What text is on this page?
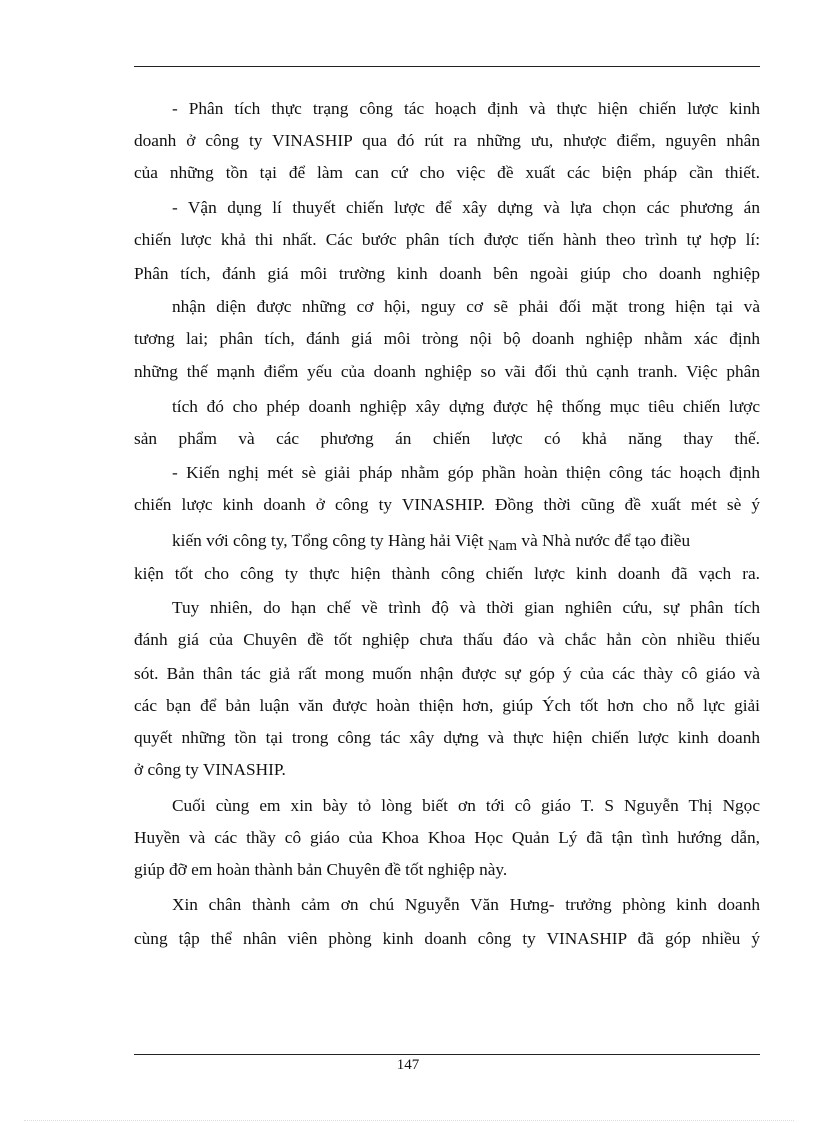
- Phân tích thực trạng công tác hoạch định và thực hiện chiến lược kinh
doanh ở công ty VINASHIP qua đó rút ra những ưu, nhược điểm, nguyên nhân
của những tồn tại để làm can cứ cho việc đề xuất các biện pháp cần thiết.
- Vận dụng lí thuyết chiến lược để xây dựng và lựa chọn các phương án
chiến lược khả thi nhất. Các bước phân tích được tiến hành theo trình tự hợp lí:
Phân tích, đánh giá môi trường kinh doanh bên ngoài giúp cho doanh nghiệp
nhận diện được những cơ hội, nguy cơ sẽ phải đối mặt trong hiện tại và
tương lai; phân tích, đánh giá môi tròng nội bộ doanh nghiệp nhằm xác định
những thế mạnh điểm yếu của doanh nghiệp so vãi đối thủ cạnh tranh. Việc phân
tích đó cho phép doanh nghiệp xây dựng được hệ thống mục tiêu chiến lược
sản phẩm và các phương án chiến lược có khả năng thay thế.
- Kiến nghị mét sè giải pháp nhằm góp phần hoàn thiện công tác hoạch định
chiến lược kinh doanh ở công ty VINASHIP. Đồng thời cũng đề xuất mét sè ý
kiến với công ty, Tổng công ty Hàng hải Việt Nam và Nhà nước để tạo điều
kiện tốt cho công ty thực hiện thành công chiến lược kinh doanh đã vạch ra.
Tuy nhiên, do hạn chế về trình độ và thời gian nghiên cứu, sự phân tích
đánh giá của Chuyên đề tốt nghiệp chưa thấu đáo và chắc hẳn còn nhiều thiếu
sót. Bản thân tác giả rất mong muốn nhận được sự góp ý của các thày cô giáo và
các bạn để bản luận văn được hoàn thiện hơn, giúp Ých tốt hơn cho nỗ lực giải
quyết những tồn tại trong công tác xây dựng và thực hiện chiến lược kinh doanh
ở công ty VINASHIP.
Cuối cùng em xin bày tỏ lòng biết ơn tới cô giáo T. S Nguyễn Thị Ngọc
Huyền và các thầy cô giáo của Khoa Khoa Học Quản Lý đã tận tình hướng dẫn,
giúp đỡ em hoàn thành bản Chuyên đề tốt nghiệp này.
Xin chân thành cảm ơn chú Nguyễn Văn Hưng- trưởng phòng kinh doanh
cùng tập thể nhân viên phòng kinh doanh công ty VINASHIP đã góp nhiều ý
147
